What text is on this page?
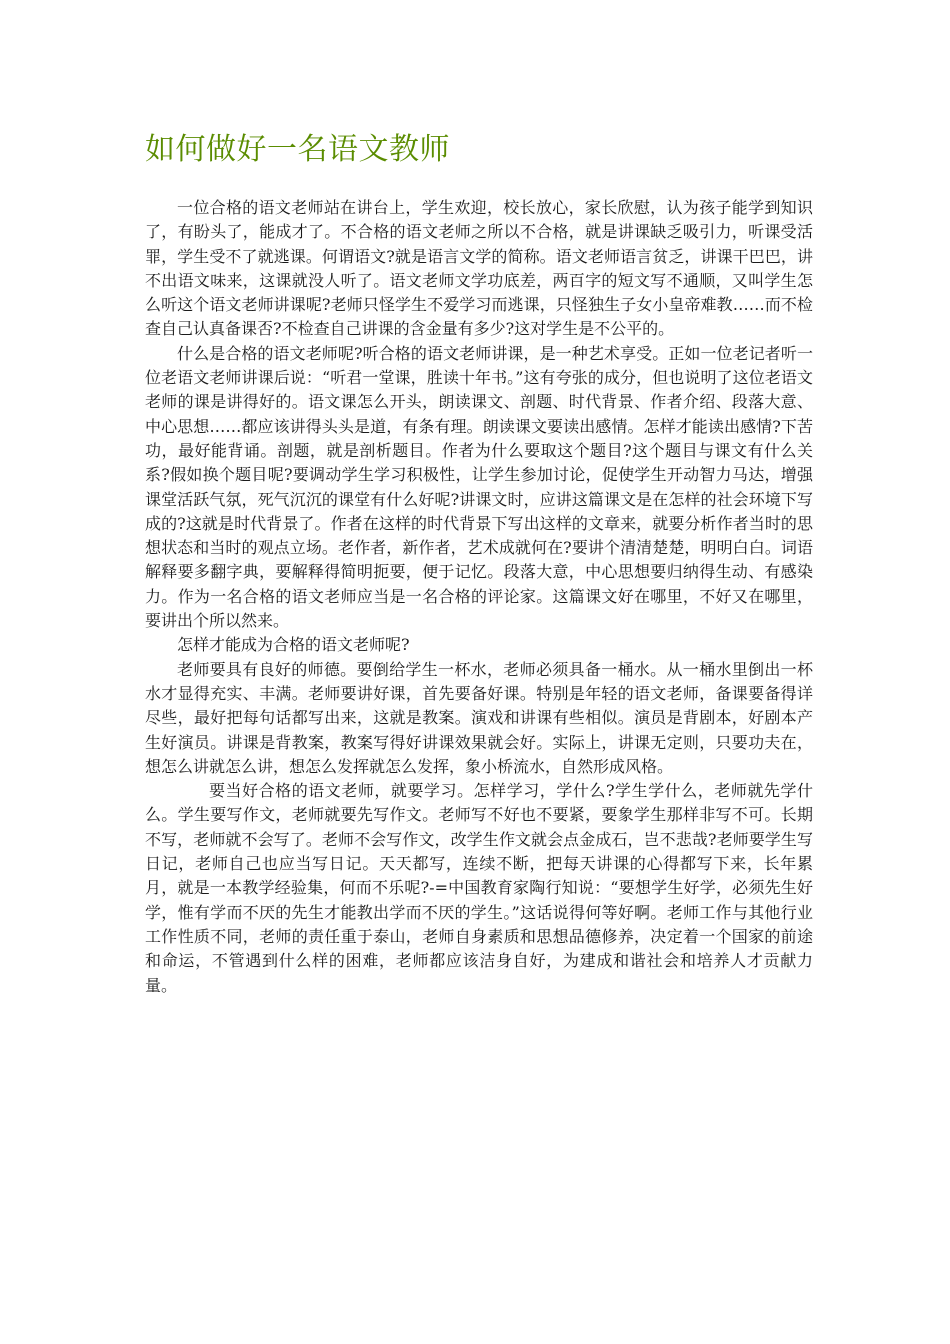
如何做好一名语文教师

一位合格的语文老师站在讲台上，学生欢迎，校长放心，家长欣慰，认为孩子能学到知识了，有盼头了，能成才了。不合格的语文老师之所以不合格，就是讲课缺乏吸引力，听课受活罪，学生受不了就逃课。何谓语文?就是语言文学的简称。语文老师语言贫乏，讲课干巴巴，讲不出语文味来，这课就没人听了。语文老师文学功底差，两百字的短文写不通顺，又叫学生怎么听这个语文老师讲课呢?老师只怪学生不爱学习而逃课，只怪独生子女小皇帝难教……而不检查自己认真备课否?不检查自己讲课的含金量有多少?这对学生是不公平的。

什么是合格的语文老师呢?听合格的语文老师讲课，是一种艺术享受。正如一位老记者听一位老语文老师讲课后说：“听君一堂课，胜读十年书。”这有夸张的成分，但也说明了这位老语文老师的课是讲得好的。语文课怎么开头，朗读课文、剖题、时代背景、作者介绍、段落大意、中心思想……都应该讲得头头是道，有条有理。朗读课文要读出感情。怎样才能读出感情?下苦功，最好能背诵。剖题，就是剖析题目。作者为什么要取这个题目?这个题目与课文有什么关系?假如换个题目呢?要调动学生学习积极性，让学生参加讨论，促使学生开动智力马达，增强课堂活跃气氛，死气沉沉的课堂有什么好呢?讲课文时，应讲这篇课文是在怎样的社会环境下写成的?这就是时代背景了。作者在这样的时代背景下写出这样的文章来，就要分析作者当时的思想状态和当时的观点立场。老作者，新作者，艺术成就何在?要讲个清清楚楚，明明白白。词语解释要多翻字典，要解释得简明扼要，便于记忆。段落大意，中心思想要归纳得生动、有感染力。作为一名合格的语文老师应当是一名合格的评论家。这篇课文好在哪里，不好又在哪里，要讲出个所以然来。

怎样才能成为合格的语文老师呢?

老师要具有良好的师德。要倒给学生一杯水，老师必须具备一桶水。从一桶水里倒出一杯水才显得充实、丰满。老师要讲好课，首先要备好课。特别是年轻的语文老师，备课要备得详尽些，最好把每句话都写出来，这就是教案。演戏和讲课有些相似。演员是背剧本，好剧本产生好演员。讲课是背教案，教案写得好讲课效果就会好。实际上，讲课无定则，只要功夫在，想怎么讲就怎么讲，想怎么发挥就怎么发挥，象小桥流水，自然形成风格。

要当好合格的语文老师，就要学习。怎样学习，学什么?学生学什么，老师就先学什么。学生要写作文，老师就要先写作文。老师写不好也不要紧，要象学生那样非写不可。长期不写，老师就不会写了。老师不会写作文，改学生作文就会点金成石，岂不悲哉?老师要学生写日记，老师自己也应当写日记。天天都写，连续不断，把每天讲课的心得都写下来，长年累月，就是一本教学经验集，何而不乐呢?-=中国教育家陶行知说：“要想学生好学，必须先生好学，惟有学而不厌的先生才能教出学而不厌的学生。”这话说得何等好啊。老师工作与其他行业工作性质不同，老师的责任重于泰山，老师自身素质和思想品德修养，决定着一个国家的前途和命运，不管遇到什么样的困难，老师都应该洁身自好，为建成和谐社会和培养人才贡献力量。
